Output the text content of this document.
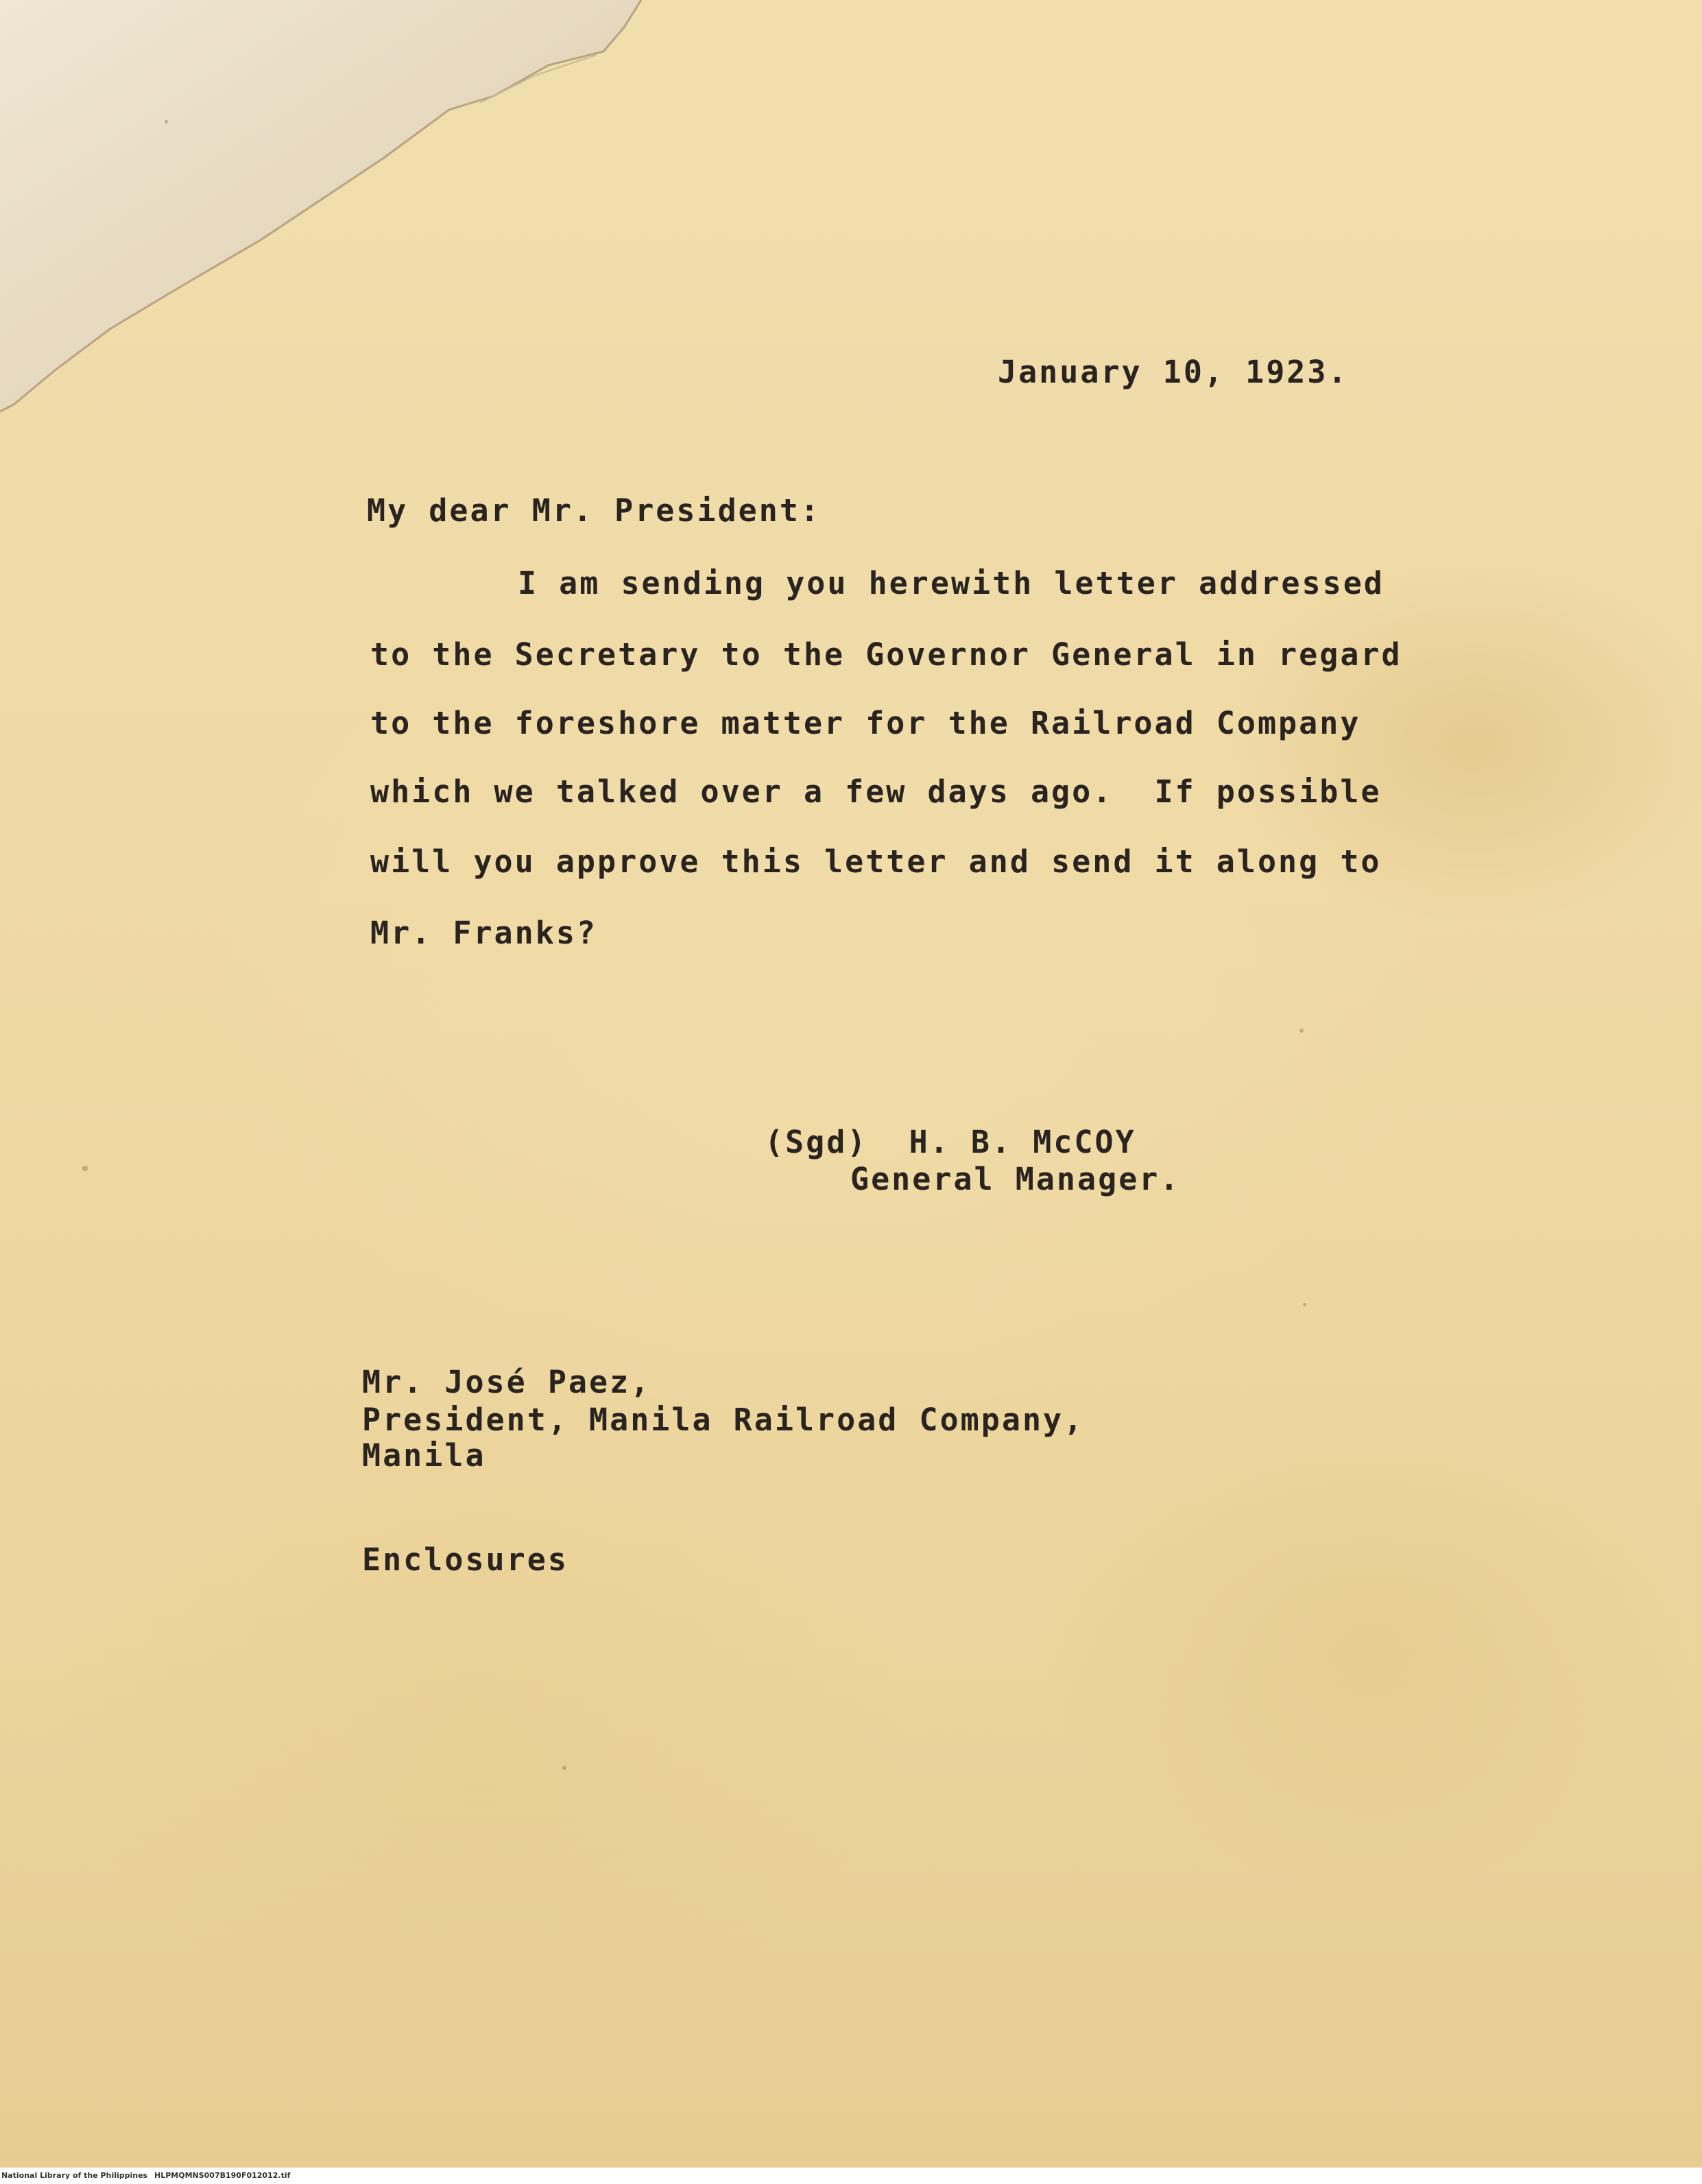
January 10, 1923.
My dear Mr. President:
I am sending you herewith letter addressed
to the Secretary to the Governor General in regard
to the foreshore matter for the Railroad Company
which we talked over a few days ago.  If possible
will you approve this letter and send it along to
Mr. Franks?
(Sgd)  H. B. McCOY
General Manager.
Mr. José Paez,
President, Manila Railroad Company,
Manila
Enclosures
National Library of the Philippines HLPMQMNS007B190F012012.tif
